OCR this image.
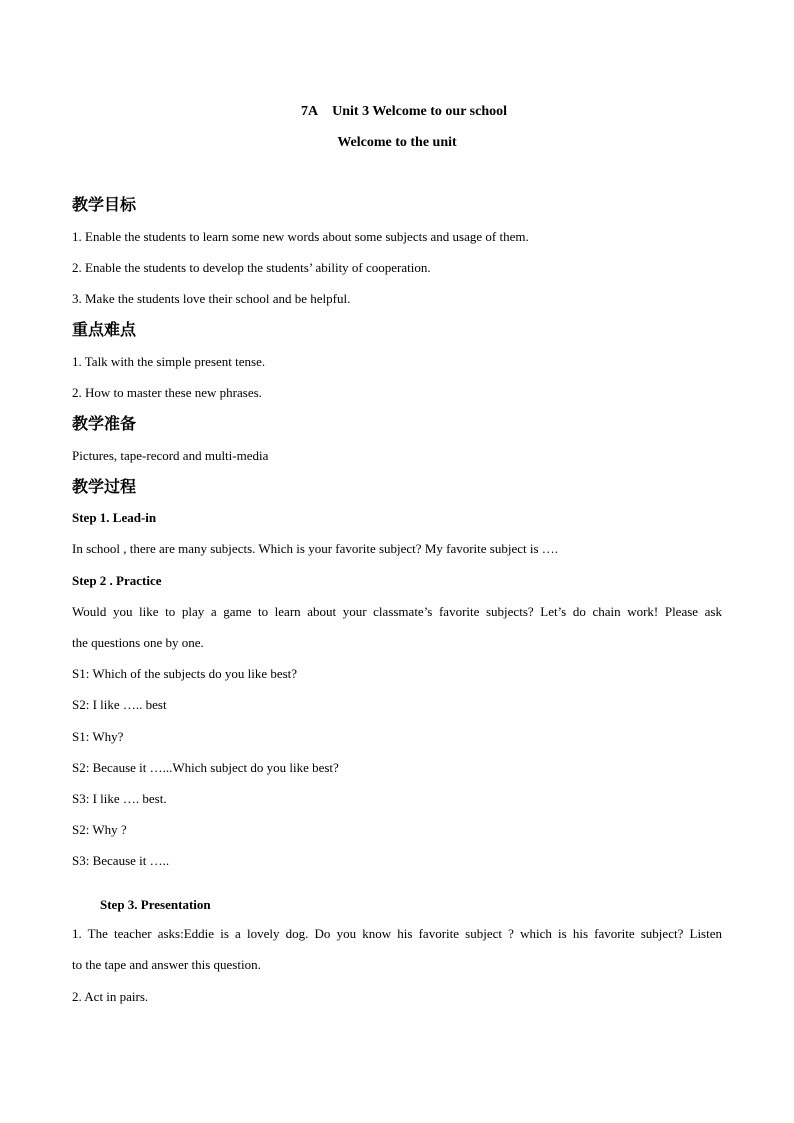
7A Unit 3 Welcome to our school
Welcome to the unit
教学目标
1. Enable the students to learn some new words about some subjects and usage of them.
2. Enable the students to develop the students’ ability of cooperation.
3. Make the students love their school and be helpful.
重点难点
1. Talk with the simple present tense.
2. How to master these new phrases.
教学准备
Pictures, tape-record and multi-media
教学过程
Step 1. Lead-in
In school , there are many subjects. Which is your favorite subject? My favorite subject is ….
Step 2 . Practice
Would you like to play a game to learn about your classmate’s favorite subjects? Let’s do chain work! Please ask
the questions one by one.
S1: Which of the subjects do you like best?
S2: I like ….. best
S1: Why?
S2: Because it …...Which subject do you like best?
S3: I like …. best.
S2: Why ?
S3: Because it …..
Step 3. Presentation
1. The teacher asks:Eddie is a lovely dog. Do you know his favorite subject ? which is his favorite subject? Listen
to the tape and answer this question.
2. Act in pairs.
